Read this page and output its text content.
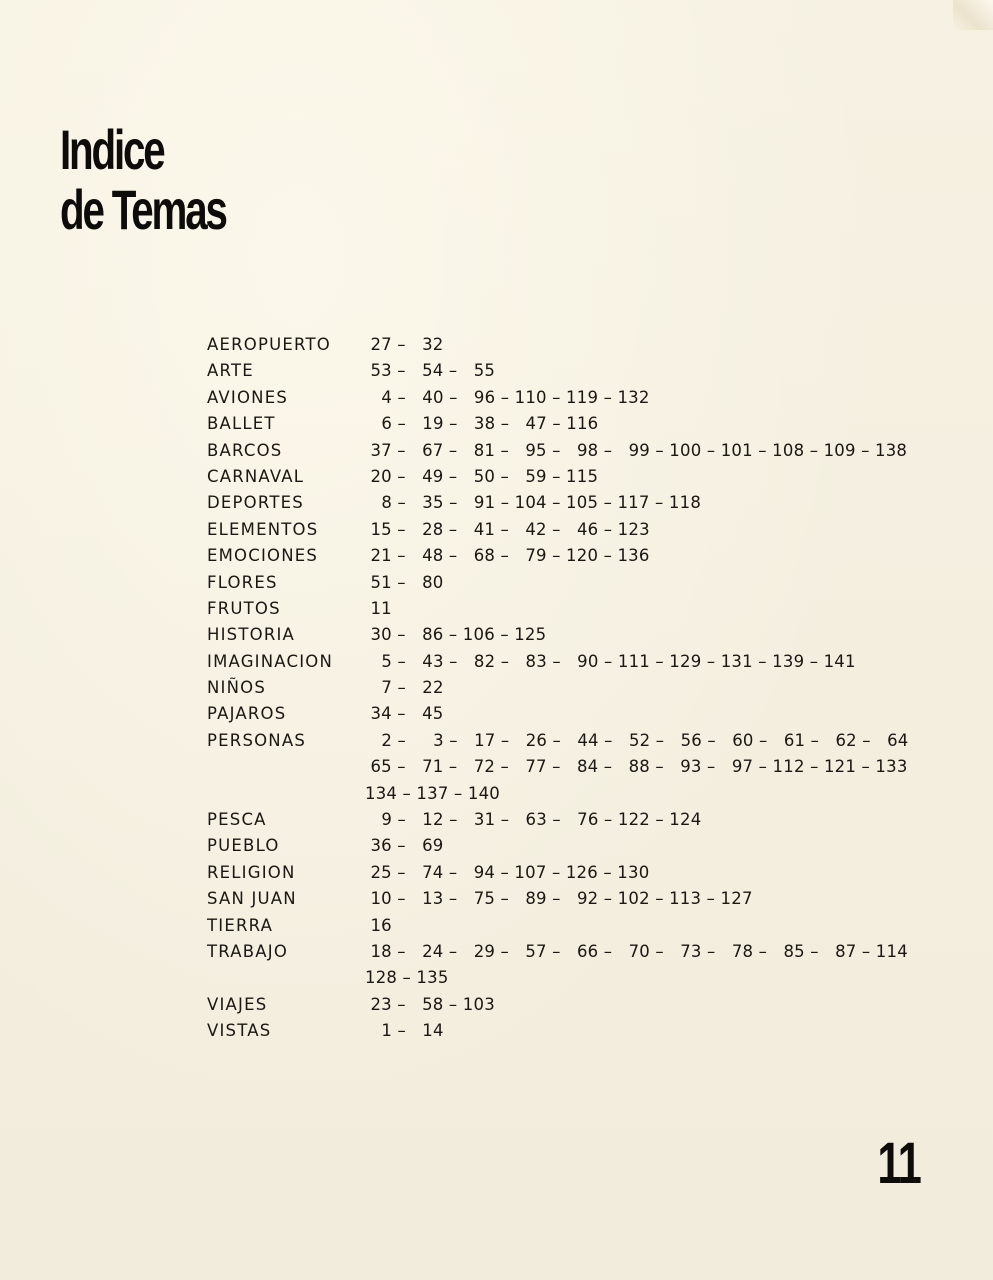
Indice
de Temas
AEROPUERTO 27 –   32
ARTE	53 –   54 –   55
AVIONES	4 –   40 –   96 – 110 – 119 – 132
BALLET	6 –   19 –   38 –   47 – 116
BARCOS	37 –   67 –   81 –   95 –   98 –   99 – 100 – 101 – 108 – 109 – 138
CARNAVAL	20 –   49 –   50 –   59 – 115
DEPORTES	8 –   35 –   91 – 104 – 105 – 117 – 118
ELEMENTOS	15 –   28 –   41 –   42 –   46 – 123
EMOCIONES	21 –   48 –   68 –   79 – 120 – 136
FLORES	51 –   80
FRUTOS	11
HISTORIA	30 –   86 – 106 – 125
IMAGINACION 5 –   43 –   82 –   83 –   90 – 111 – 129 – 131 – 139 – 141
NIÑOS	7 –   22
PAJAROS	34 –   45
PERSONAS	2 –     3 –   17 –   26 –   44 –   52 –   56 –   60 –   61 –   62 –   64
65 –   71 –   72 –   77 –   84 –   88 –   93 –   97 – 112 – 121 – 133
134 – 137 – 140
PESCA	9 –   12 –   31 –   63 –   76 – 122 – 124
PUEBLO	36 –   69
RELIGION	25 –   74 –   94 – 107 – 126 – 130
SAN JUAN	10 –   13 –   75 –   89 –   92 – 102 – 113 – 127
TIERRA	16
TRABAJO	18 –   24 –   29 –   57 –   66 –   70 –   73 –   78 –   85 –   87 – 114
128 – 135
VIAJES	23 –   58 – 103
VISTAS	1 –   14
11
